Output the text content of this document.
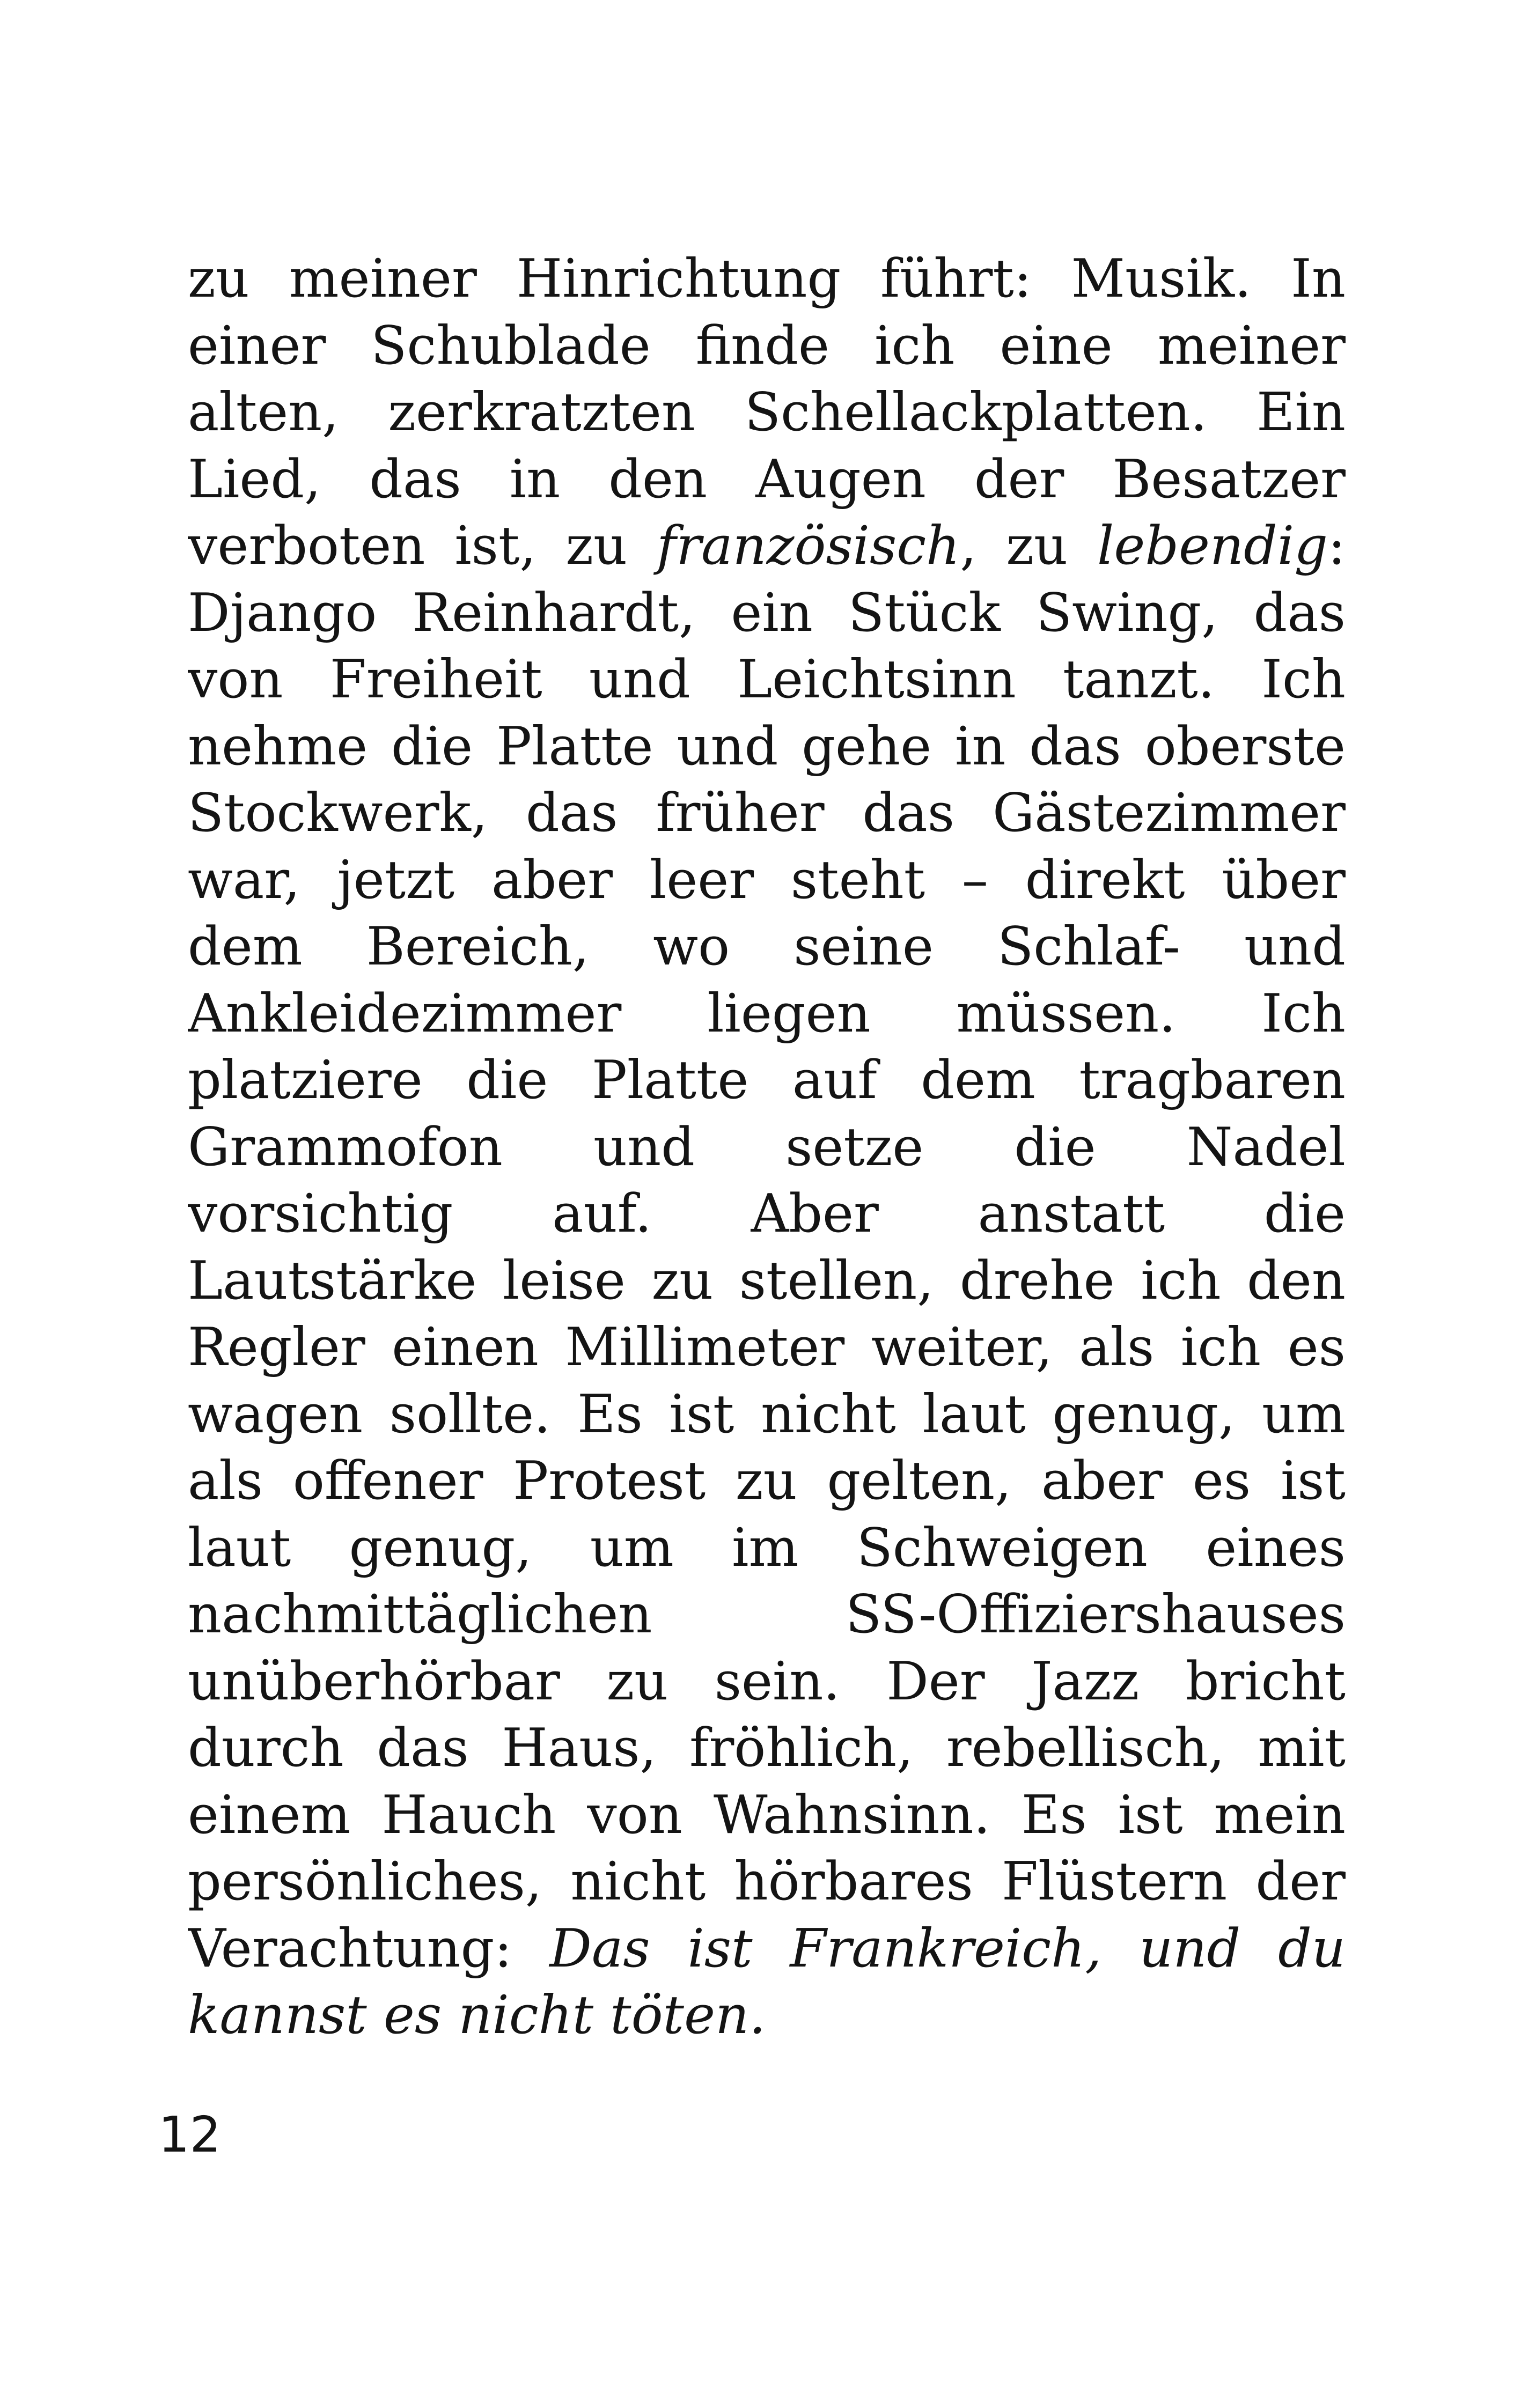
zu meiner Hinrichtung führt: Musik. In
einer Schublade finde ich eine meiner
alten, zerkratzten Schellackplatten. Ein
Lied, das in den Augen der Besatzer
verboten ist, zu französisch, zu lebendig:
Django Reinhardt, ein Stück Swing, das
von Freiheit und Leichtsinn tanzt. Ich
nehme die Platte und gehe in das oberste
Stockwerk, das früher das Gästezimmer
war, jetzt aber leer steht – direkt über
dem Bereich, wo seine Schlaf- und
Ankleidezimmer liegen müssen. Ich
platziere die Platte auf dem tragbaren
Grammofon und setze die Nadel
vorsichtig auf. Aber anstatt die
Lautstärke leise zu stellen, drehe ich den
Regler einen Millimeter weiter, als ich es
wagen sollte. Es ist nicht laut genug, um
als offener Protest zu gelten, aber es ist
laut genug, um im Schweigen eines
nachmittäglichen SS-Offiziershauses
unüberhörbar zu sein. Der Jazz bricht
durch das Haus, fröhlich, rebellisch, mit
einem Hauch von Wahnsinn. Es ist mein
persönliches, nicht hörbares Flüstern der
Verachtung: Das ist Frankreich, und du
kannst es nicht töten.
12
